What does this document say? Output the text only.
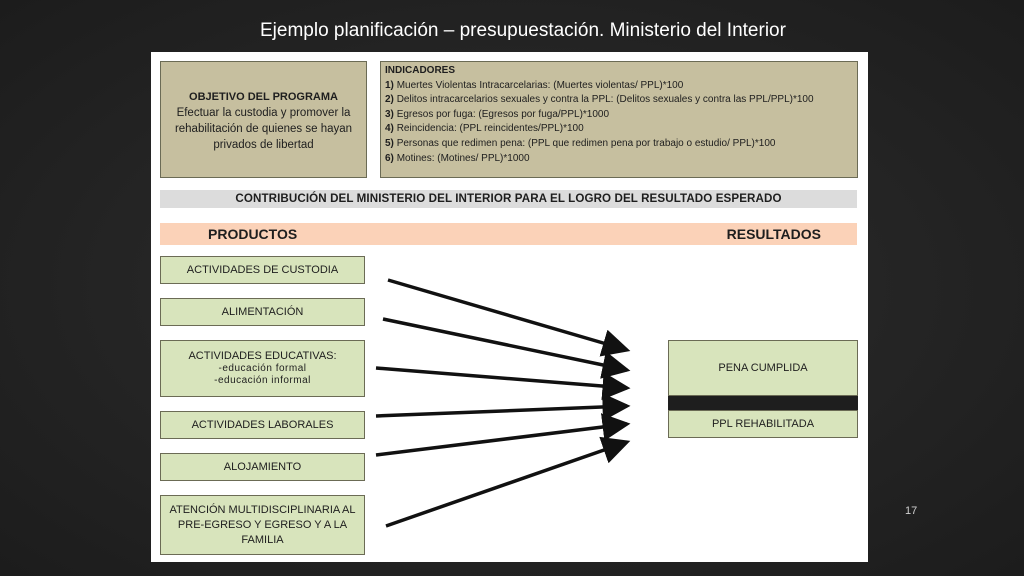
Ejemplo planificación – presupuestación. Ministerio del Interior
OBJETIVO DEL PROGRAMA
Efectuar la custodia y promover la rehabilitación de quienes se hayan privados de libertad
INDICADORES
1) Muertes Violentas Intracarcelarias: (Muertes violentas/ PPL)*100
2) Delitos intracarcelarios sexuales y contra la PPL: (Delitos sexuales y contra las PPL/PPL)*100
3) Egresos por fuga: (Egresos por fuga/PPL)*1000
4) Reincidencia: (PPL reincidentes/PPL)*100
5) Personas que redimen pena: (PPL que redimen pena por trabajo o estudio/ PPL)*100
6) Motines: (Motines/ PPL)*1000
CONTRIBUCIÓN DEL MINISTERIO DEL INTERIOR PARA EL LOGRO DEL RESULTADO ESPERADO
PRODUCTOS	RESULTADOS
ACTIVIDADES DE CUSTODIA
ALIMENTACIÓN
ACTIVIDADES EDUCATIVAS:
-educación formal
-educación informal
ACTIVIDADES LABORALES
ALOJAMIENTO
ATENCIÓN MULTIDISCIPLINARIA AL PRE-EGRESO Y EGRESO Y A LA FAMILIA
PENA CUMPLIDA
PPL REHABILITADA
17
